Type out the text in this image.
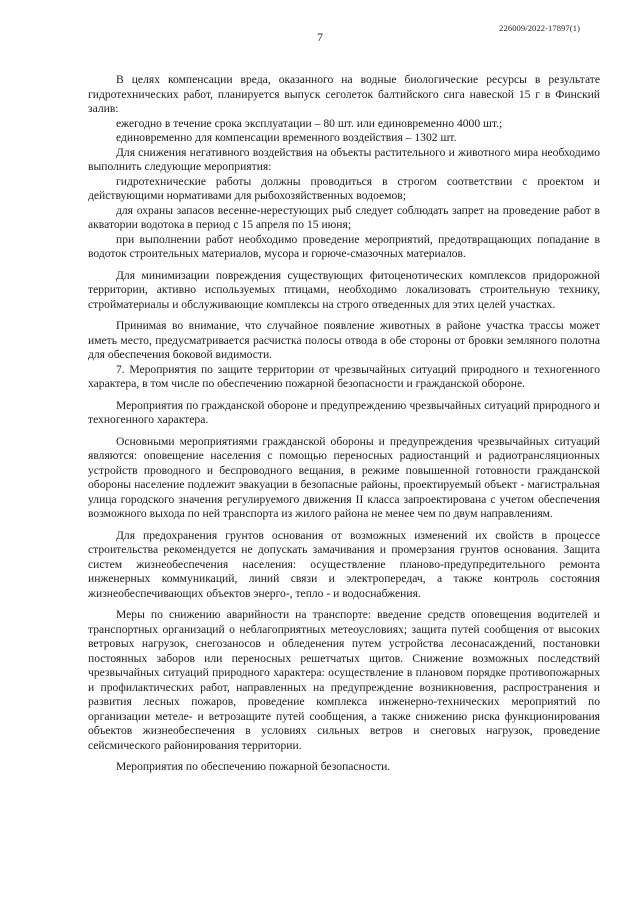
226009/2022-17897(1)
7

В целях компенсации вреда, оказанного на водные биологические ресурсы в результате гидротехнических работ, планируется выпуск сеголеток балтийского сига навеской 15 г в Финский залив:

ежегодно в течение срока эксплуатации – 80 шт. или единовременно 4000 шт.;

единовременно для компенсации временного воздействия – 1302 шт.

Для снижения негативного воздействия на объекты растительного и животного мира необходимо выполнить следующие мероприятия:

гидротехнические работы должны проводиться в строгом соответствии с проектом и действующими нормативами для рыбохозяйственных водоемов;

для охраны запасов весенне-нерестующих рыб следует соблюдать запрет на проведение работ в акватории водотока в период с 15 апреля по 15 июня;

при выполнении работ необходимо проведение мероприятий, предотвращающих попадание в водоток строительных материалов, мусора и горюче-смазочных материалов.

Для минимизации повреждения существующих фитоценотических комплексов придорожной территории, активно используемых птицами, необходимо локализовать строительную технику, стройматериалы и обслуживающие комплексы на строго отведенных для этих целей участках.

Принимая во внимание, что случайное появление животных в районе участка трассы может иметь место, предусматривается расчистка полосы отвода в обе стороны от бровки земляного полотна для обеспечения боковой видимости.

7. Мероприятия по защите территории от чрезвычайных ситуаций природного и техногенного характера, в том числе по обеспечению пожарной безопасности и гражданской обороне.

Мероприятия по гражданской обороне и предупреждению чрезвычайных ситуаций природного и техногенного характера.

Основными мероприятиями гражданской обороны и предупреждения чрезвычайных ситуаций являются: оповещение населения с помощью переносных радиостанций и радиотрансляционных устройств проводного и беспроводного вещания, в режиме повышенной готовности гражданской обороны население подлежит эвакуации в безопасные районы, проектируемый объект - магистральная улица городского значения регулируемого движения II класса запроектирована с учетом обеспечения возможного выхода по ней транспорта из жилого района не менее чем по двум направлениям.

Для предохранения грунтов основания от возможных изменений их свойств в процессе строительства рекомендуется не допускать замачивания и промерзания грунтов основания. Защита систем жизнеобеспечения населения: осуществление планово-предупредительного ремонта инженерных коммуникаций, линий связи и электропередач, а также контроль состояния жизнеобеспечивающих объектов энерго-, тепло - и водоснабжения.

Меры по снижению аварийности на транспорте: введение средств оповещения водителей и транспортных организаций о неблагоприятных метеоусловиях; защита путей сообщения от высоких ветровых нагрузок, снегозаносов и обледенения путем устройства лесонасаждений, постановки постоянных заборов или переносных решетчатых щитов. Снижение возможных последствий чрезвычайных ситуаций природного характера: осуществление в плановом порядке противопожарных и профилактических работ, направленных на предупреждение возникновения, распространения и развития лесных пожаров, проведение комплекса инженерно-технических мероприятий по организации метеле- и ветрозащите путей сообщения, а также снижению риска функционирования объектов жизнеобеспечения в условиях сильных ветров и снеговых нагрузок, проведение сейсмического районирования территории.

Мероприятия по обеспечению пожарной безопасности.
